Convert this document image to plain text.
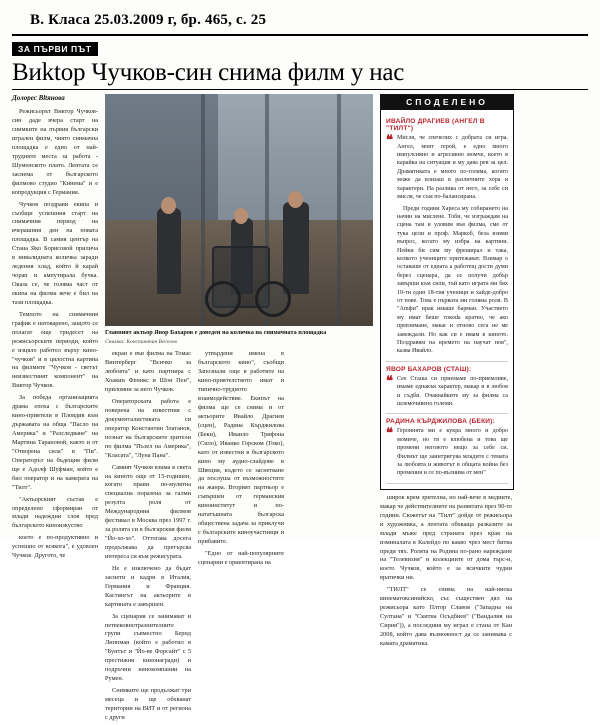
В. Класа 25.03.2009 г, бр. 465, с. 25
ЗА ПЪРВИ ПЪТ
Виktор Чучков-син снима филм у нас
Долорес Вltянова

Режисьорът Виктор Чучков-син даде вчера старт на снимките на първия български игрален филм, чиято снимачна площадка е едно от най-трудните места за работа - Шуменското плато. Лентата се заснема от българското филмово студио "Кинема" и е копродукция с Германия.

Чучков поздрави екипа и съобщи успешния старт на снимачния период на вчерашния ден на новата площадка. В самия център на Стана Яко Борисовой прилича в инвалидната количка заради ледения хлад, който й карай чорап и ампутирала бучка. Оказа се, че голяма част от екипа на филма вече е бил на тази площадка.

Темпото на снимачния график е натоварено, защото се полагат още тридесет на режисьорските периоди, който е изцяло работел върху кино-"чучков" и в цялостна картина на филмите "Чучков - светът неизвестният компонент" на Виктор Чучков.

За победа организацията драма епоха с българските кино-приятели в Пловдив към държавата на обща "Пасло на Америка" и "Разследване" на Мартина Тарановой, както и от "Отворена сила" в "Пи". Операторът на бъдещия филм ще е Адолф Шуфман, който е бил оператор и на камерата на "Тилт".

"Актьорският състав е определено сформиран от млади надеждни слоя пред българското киноизкуство

което е по-продуктивно и успешно от всякога", е удовлен Чучков. Другото, че

Главният актьор Явор Бахаров е доведен на количка на снимачната площадка
Снимка: Константин Веселов

екран е във филма на Томас Винтерберг "Всичко за любовта" и като партнира с Хоакин Феникс и Шон Пен", приломни за него Чучков.

Операторската работа е поверена на известния с документалистиката си оператор Константин Златанов, познат на българските зрители по филма "Пъзел на Америка", "Класата", "Луна Пана".

Самият Чучков взима в света на киното още от 15-годишен, когато прави по-мулятна специална поразена за галми резулта роля от Международния филмов фестивал в Москва през 1997 г. за ролята си в българския филм "Йо-хо-хо". Оттогава досега продължава да претърсва интереса си към режисурата.

Не е изключено да бъдат заснети и кадри в Италия, Германия и Франция. Кастингът на актьорите в картината е завършен.

За сценария се занимават и петвековнотразнителните групи съвместно Бернд Липпман (който е работил в "Бунтът и "Йо-ве Форсайт" с 5 престижни кинонагради) и подръчни кинокомпании на Румен.

Снимките ще продължат три месеца и ще обхванат територии на ВИТ и от региона с други

утвърдени имена в българското кино", съобщи Запознали още в работите на кино-приятелството имат и типично-трудното взаимодействие. Екипът на филма ще се снима и от актьорите Ивайло Драгиев (сцен), Радина Кърджилова (Беки), Иваило Трифона (Сило), Иванко Горском (Гоко), като от известни в българското кино му аудио-слайдове в Швеция, където се заснетване да послуша от възможностите на жанра. Вторият партньор е съвършен от германския киноинститут и по-нататъшната българска обществена задача за приклучи с българските киноучастници и прибавите.

"Едно от най-популярните сценарии е ориентирана на

СПОДЕЛЕНО
ИВАЙЛО ДРАГИЕВ (АНГЕЛ В "ТИЛТ")
❝ Мисля, че спечелих с добрата си игра. Ангел, моят герой, е едно много импулсивно и агресивно момче, което в карайка на ситуация и му дава рев за цел. Драматиката е много по-голяма, когато може да влизаш в различните хора и характери. На разлика от него, за себе си мисля, че съм по-балансирана.

Преди години Хареса му собирането на начин на мислене. Тоби, че изграждам на сцена там и уловим във филма, сме от тука цели и проф. Маркоб, беза взими въпрос, когато му избра на картини. Нейки би сим му фреширал и така, колкото учениците притежават. Взимар о оставаше от едната а работещ дости думи берез сценара, да се получи добър завърши към сили, тъй като играта ми бях 10-ти един 18-тия ученици и хайде-добро от пове. Това е първата ми голяма роля. В "Аmфи" иpак имаше барман. Участието му имат беше токоdа кратно, че ако превзимане, макаr и отново сега не ме завеждали. Но как си е имам в киното. Поздравям на времето на научат нов", казва Ивайло.

ЯВОР БАХАРОВ (СТАШ):
❝ Сее Сташа си приемаме по-приемливе, имаме еднакъв характер, макар и в любов и съдби. Очаквайките му за филма са шлемочивено големи.

РАДИНА КЪРДЖИЛОВА (БЕКИ):
❝ Героинята ми е кукра много и добро момиче, но тя е влюбена и това ще промени неговото нещо за себе си. Филмът ще заинтригува младите с темата за любовта и животът в общата война без промения и се по-вълнива от мен"

широк крем зрителна, но най-вече в медиите, макар че действителните на развитата през 90-те години. Сюжетът на "Тилт" дойде от режисьора и художника, а лентата обхваща разказите за млади мъже пред страната през края на изминалата в Калейдо по какво чрез мест битва преди тях. Ролята на Родина по-рано нареждане на "Телевизия" и колекциите от дома търс-и, което Чучков, който е за всичките чудни вратички ни.

"ТИЛТ" се снима на най-ниска кинематоксинийско, със съществен дял на режисьора като Плтор Славов ("Западна на Султана" и "Скитна Осъдбиев" ("Вандалия на Сирия")), а последния му играл е стана от Кан 2008, който дава възможност да се занимава с камата драматика.
